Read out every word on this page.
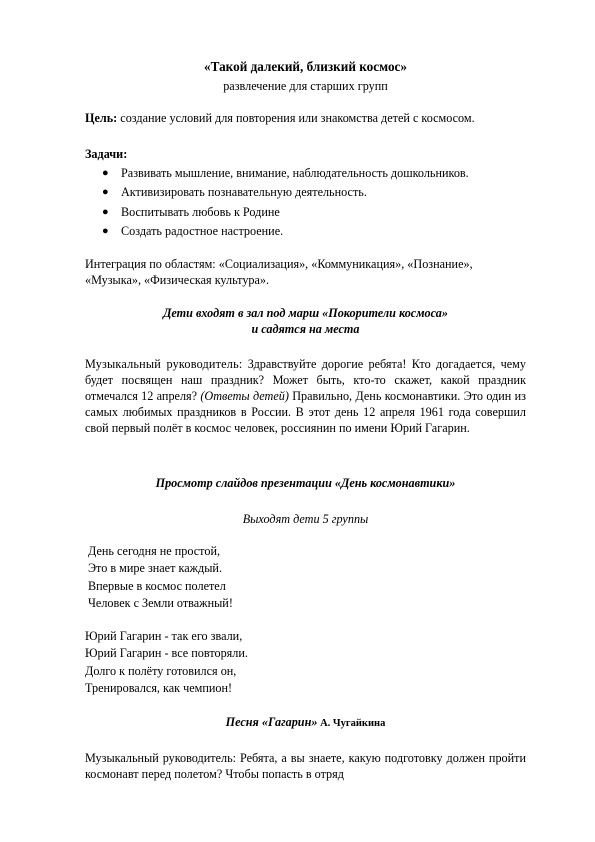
«Такой далекий, близкий космос»
развлечение для старших групп
Цель: создание условий для повторения или знакомства детей с космосом.
Задачи:
● Развивать мышление, внимание, наблюдательность дошкольников.
● Активизировать познавательную деятельность.
● Воспитывать любовь к Родине
● Создать радостное настроение.
Интеграция по областям: «Социализация», «Коммуникация», «Познание», «Музыка», «Физическая культура».
Дети входят в зал под марш «Покорители космоса»
и садятся на места
Музыкальный руководитель: Здравствуйте дорогие ребята! Кто догадается, чему будет посвящен наш праздник? Может быть, кто-то скажет, какой праздник отмечался 12 апреля? (Ответы детей) Правильно, День космонавтики. Это один из самых любимых праздников в России. В этот день 12 апреля 1961 года совершил свой первый полёт в космос человек, россиянин по имени Юрий Гагарин.
Просмотр слайдов презентации «День космонавтики»
Выходят дети 5 группы
День сегодня не простой,
Это в мире знает каждый.
Впервые в космос полетел
Человек с Земли отважный!
Юрий Гагарин - так его звали,
Юрий Гагарин - все повторяли.
Долго к полёту готовился он,
Тренировался, как чемпион!
Песня «Гагарин» А. Чугайкина
Музыкальный руководитель: Ребята, а вы знаете, какую подготовку должен пройти космонавт перед полетом? Чтобы попасть в отряд
